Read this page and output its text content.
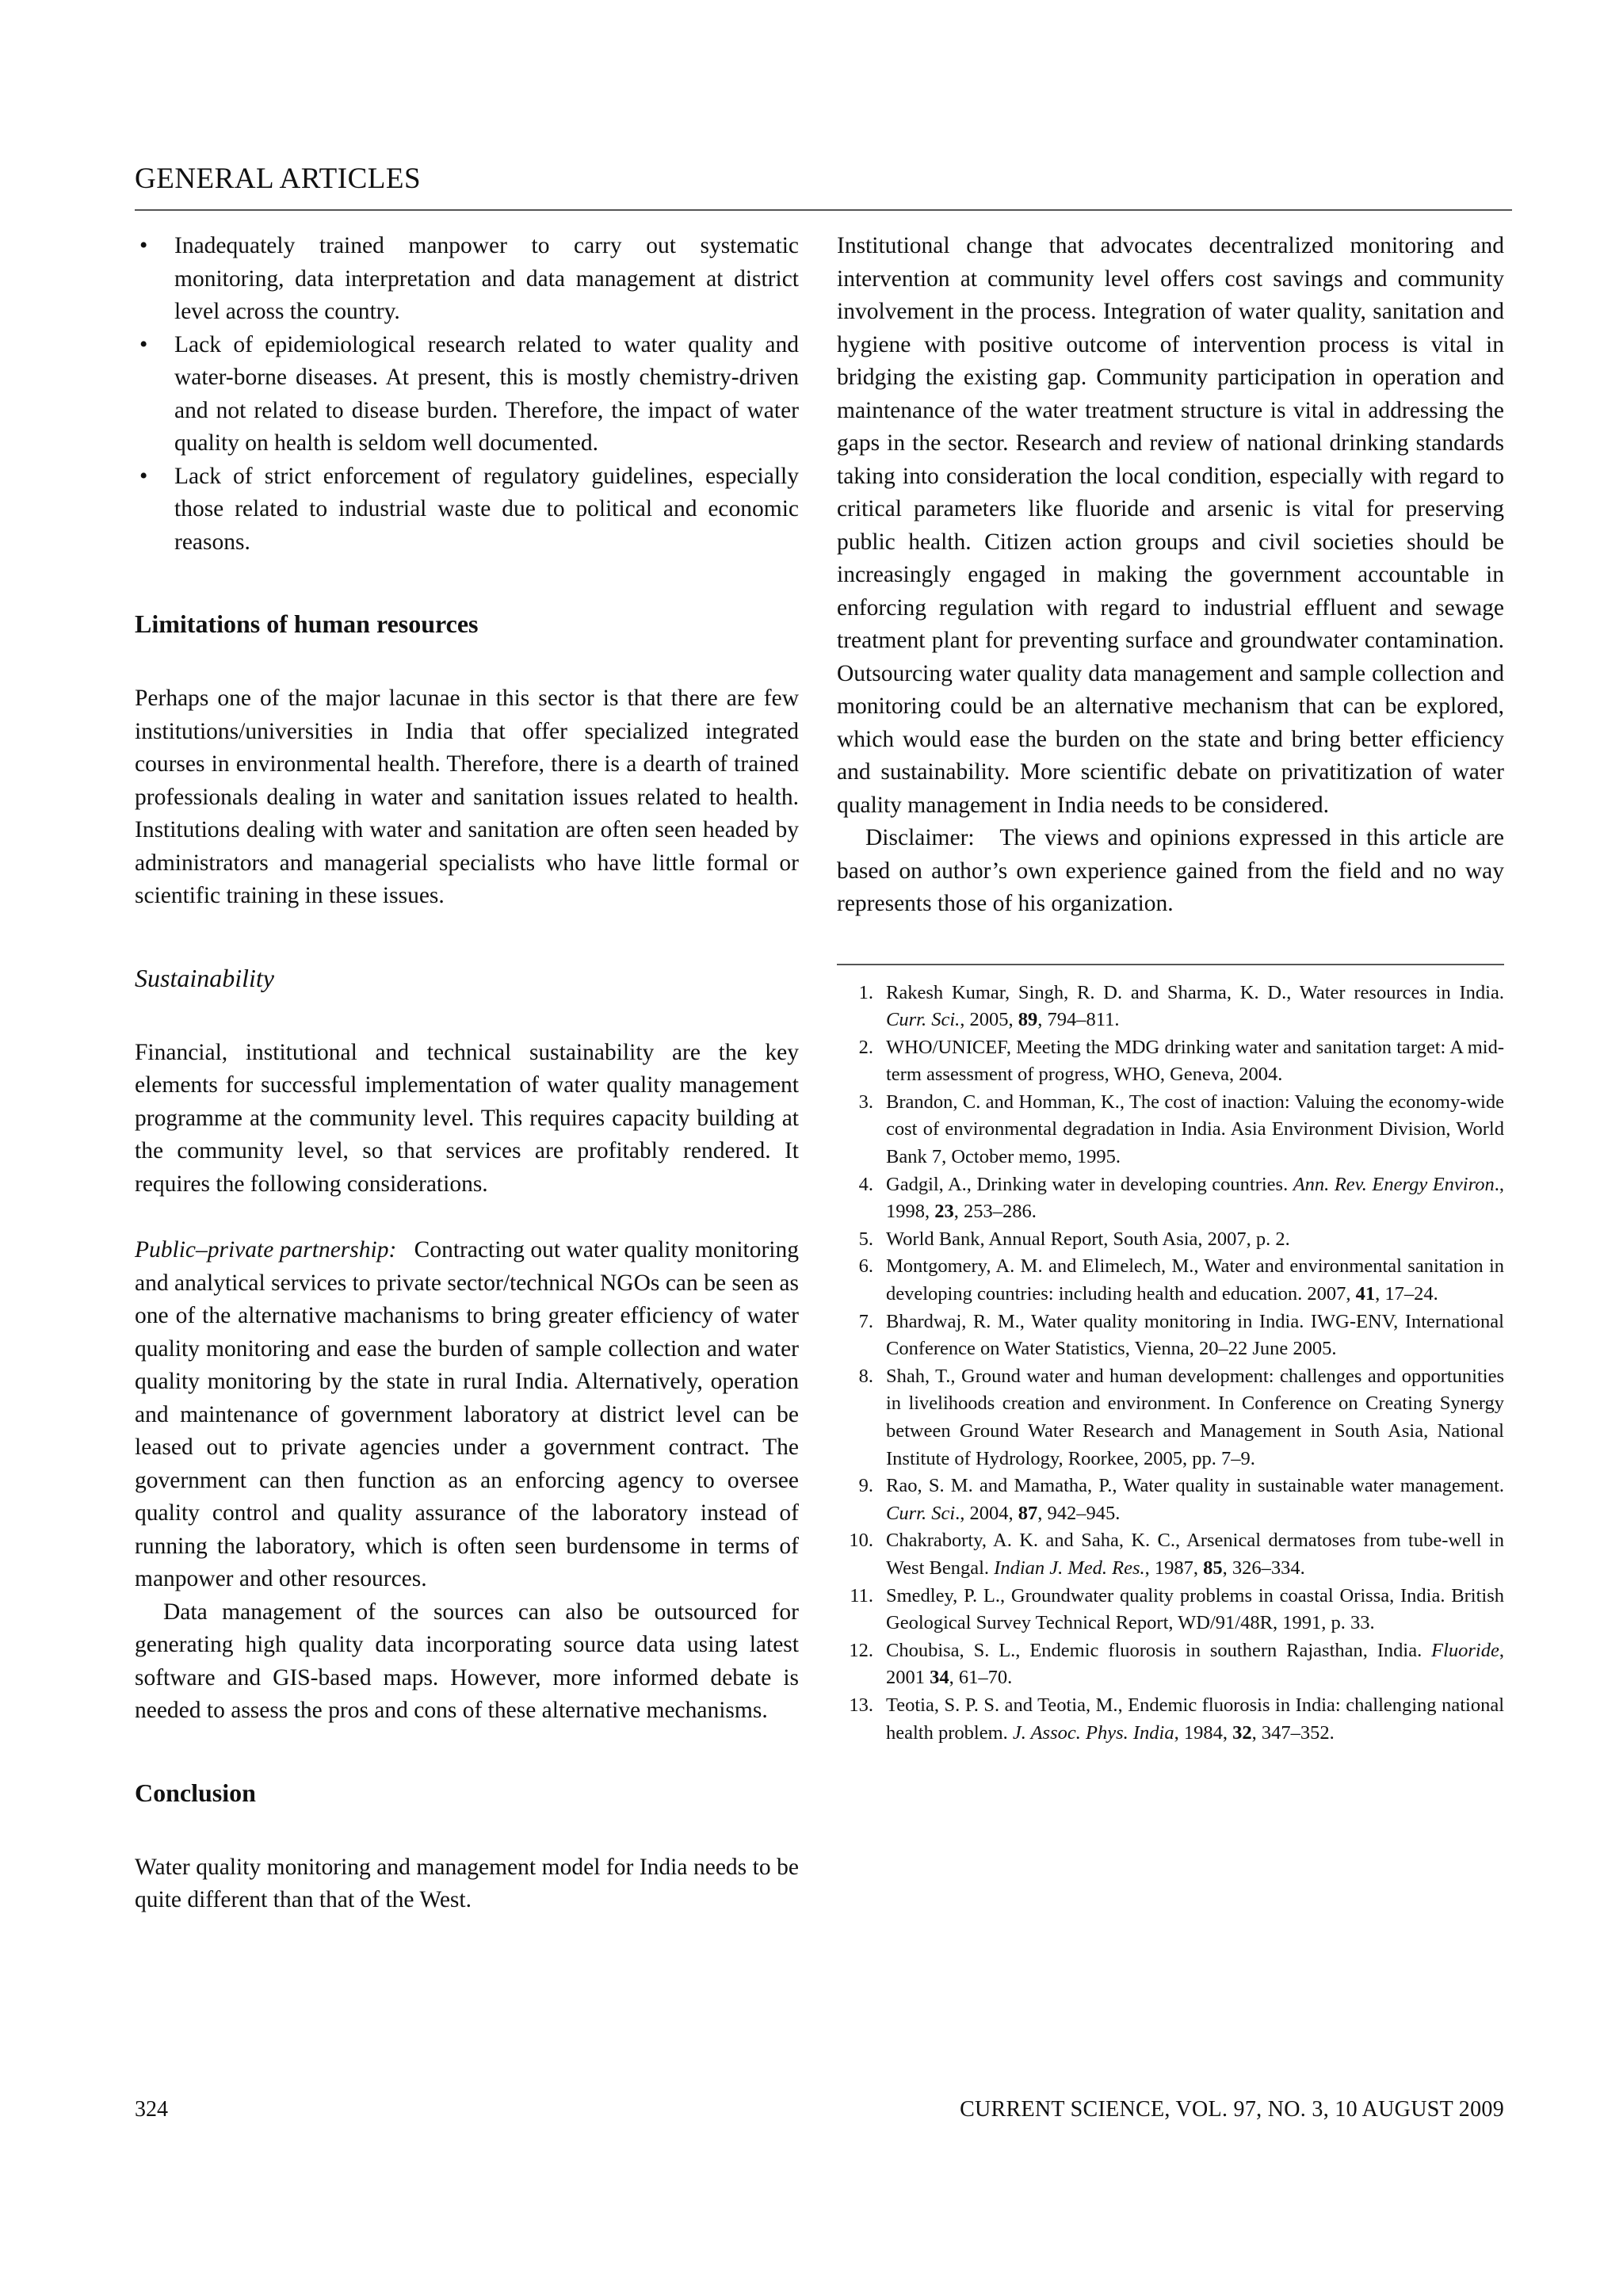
GENERAL ARTICLES
• Inadequately trained manpower to carry out systematic monitoring, data interpretation and data management at district level across the country.
• Lack of epidemiological research related to water quality and water-borne diseases. At present, this is mostly chemistry-driven and not related to disease burden. Therefore, the impact of water quality on health is seldom well documented.
• Lack of strict enforcement of regulatory guidelines, especially those related to industrial waste due to political and economic reasons.
Limitations of human resources

Perhaps one of the major lacunae in this sector is that there are few institutions/universities in India that offer specialized integrated courses in environmental health. Therefore, there is a dearth of trained professionals dealing in water and sanitation issues related to health. Institutions dealing with water and sanitation are often seen headed by administrators and managerial specialists who have little formal or scientific training in these issues.

Sustainability

Financial, institutional and technical sustainability are the key elements for successful implementation of water quality management programme at the community level. This requires capacity building at the community level, so that services are profitably rendered. It requires the following considerations.

Public–private partnership: Contracting out water quality monitoring and analytical services to private sector/technical NGOs can be seen as one of the alternative machanisms to bring greater efficiency of water quality monitoring and ease the burden of sample collection and water quality monitoring by the state in rural India. Alternatively, operation and maintenance of government laboratory at district level can be leased out to private agencies under a government contract. The government can then function as an enforcing agency to oversee quality control and quality assurance of the laboratory instead of running the laboratory, which is often seen burdensome in terms of manpower and other resources.

Data management of the sources can also be outsourced for generating high quality data incorporating source data using latest software and GIS-based maps. However, more informed debate is needed to assess the pros and cons of these alternative mechanisms.

Conclusion

Water quality monitoring and management model for India needs to be quite different than that of the West.

Institutional change that advocates decentralized monitoring and intervention at community level offers cost savings and community involvement in the process. Integration of water quality, sanitation and hygiene with positive outcome of intervention process is vital in bridging the existing gap. Community participation in operation and maintenance of the water treatment structure is vital in addressing the gaps in the sector. Research and review of national drinking standards taking into consideration the local condition, especially with regard to critical parameters like fluoride and arsenic is vital for preserving public health. Citizen action groups and civil societies should be increasingly engaged in making the government accountable in enforcing regulation with regard to industrial effluent and sewage treatment plant for preventing surface and groundwater contamination. Outsourcing water quality data management and sample collection and monitoring could be an alternative mechanism that can be explored, which would ease the burden on the state and bring better efficiency and sustainability. More scientific debate on privatitization of water quality management in India needs to be considered.

Disclaimer: The views and opinions expressed in this article are based on author’s own experience gained from the field and no way represents those of his organization.

1. Rakesh Kumar, Singh, R. D. and Sharma, K. D., Water resources in India. Curr. Sci., 2005, 89, 794–811.
2. WHO/UNICEF, Meeting the MDG drinking water and sanitation target: A mid-term assessment of progress, WHO, Geneva, 2004.
3. Brandon, C. and Homman, K., The cost of inaction: Valuing the economy-wide cost of environmental degradation in India. Asia Environment Division, World Bank 7, October memo, 1995.
4. Gadgil, A., Drinking water in developing countries. Ann. Rev. Energy Environ., 1998, 23, 253–286.
5. World Bank, Annual Report, South Asia, 2007, p. 2.
6. Montgomery, A. M. and Elimelech, M., Water and environmental sanitation in developing countries: including health and education. 2007, 41, 17–24.
7. Bhardwaj, R. M., Water quality monitoring in India. IWG-ENV, International Conference on Water Statistics, Vienna, 20–22 June 2005.
8. Shah, T., Ground water and human development: challenges and opportunities in livelihoods creation and environment. In Conference on Creating Synergy between Ground Water Research and Management in South Asia, National Institute of Hydrology, Roorkee, 2005, pp. 7–9.
9. Rao, S. M. and Mamatha, P., Water quality in sustainable water management. Curr. Sci., 2004, 87, 942–945.
10. Chakraborty, A. K. and Saha, K. C., Arsenical dermatoses from tube-well in West Bengal. Indian J. Med. Res., 1987, 85, 326–334.
11. Smedley, P. L., Groundwater quality problems in coastal Orissa, India. British Geological Survey Technical Report, WD/91/48R, 1991, p. 33.
12. Choubisa, S. L., Endemic fluorosis in southern Rajasthan, India. Fluoride, 2001 34, 61–70.
13. Teotia, S. P. S. and Teotia, M., Endemic fluorosis in India: challenging national health problem. J. Assoc. Phys. India, 1984, 32, 347–352.
324	CURRENT SCIENCE, VOL. 97, NO. 3, 10 AUGUST 2009
